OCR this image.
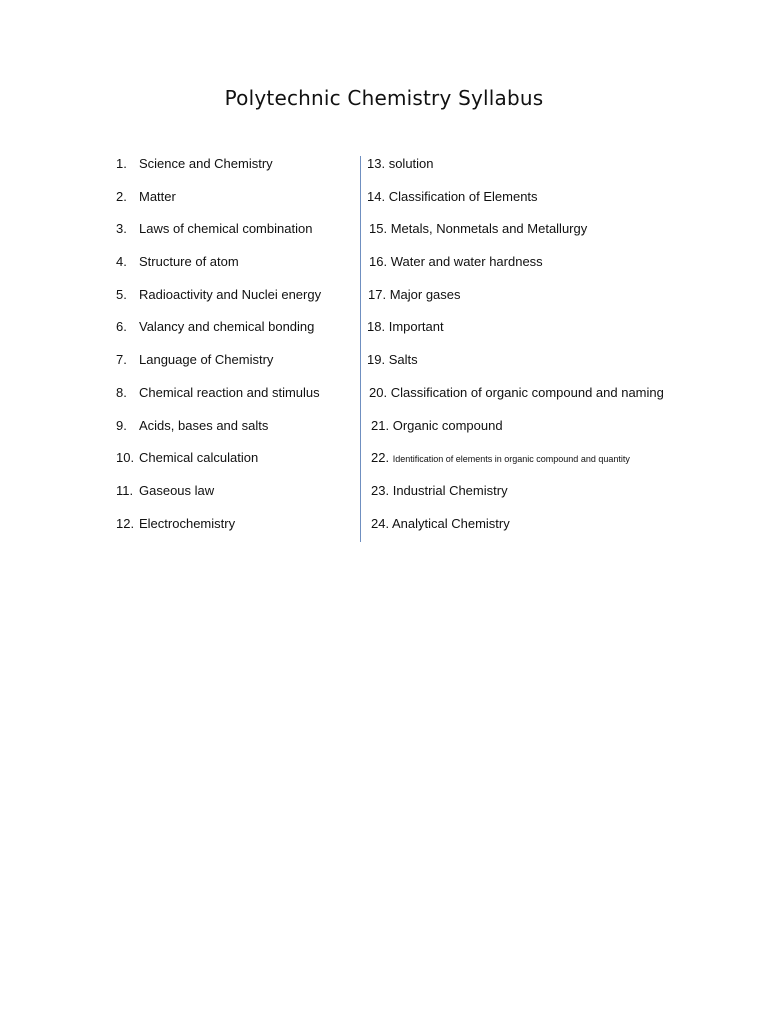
Polytechnic Chemistry Syllabus
1. Science and Chemistry
2. Matter
3. Laws of chemical combination
4. Structure of atom
5. Radioactivity and Nuclei energy
6. Valancy and chemical bonding
7. Language of Chemistry
8. Chemical reaction and stimulus
9. Acids, bases and salts
10. Chemical calculation
11. Gaseous law
12. Electrochemistry
13. solution
14. Classification of Elements
15. Metals, Nonmetals and Metallurgy
16. Water and water hardness
17. Major gases
18. Important
19. Salts
20. Classification of organic compound and naming
21. Organic compound
22. Identification of elements in organic compound and quantity
23. Industrial Chemistry
24. Analytical Chemistry
